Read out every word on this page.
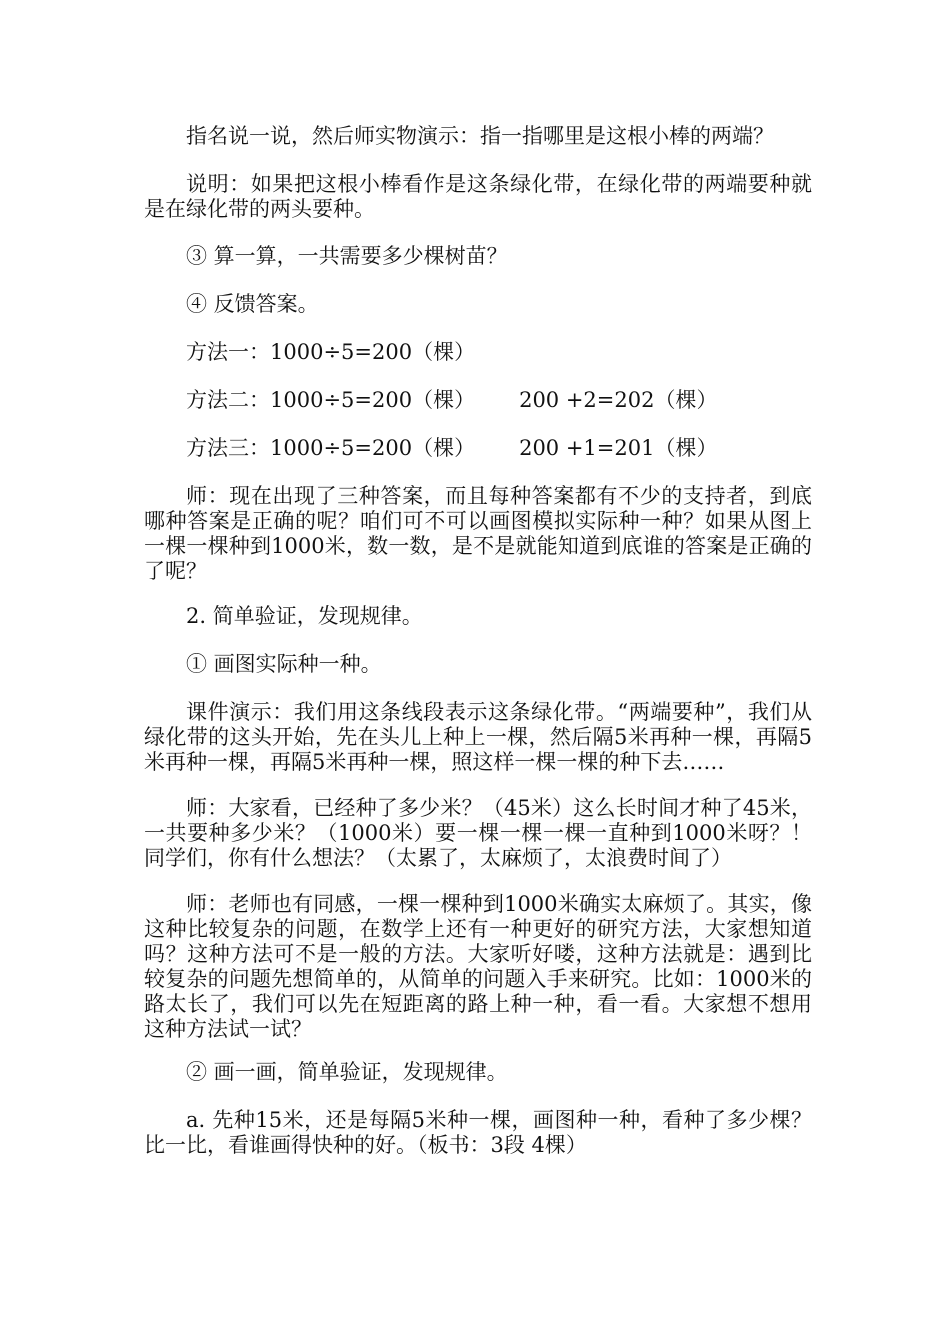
指名说一说，然后师实物演示：指一指哪里是这根小棒的两端？

说明：如果把这根小棒看作是这条绿化带，在绿化带的两端要种就是在绿化带的两头要种。

③ 算一算，一共需要多少棵树苗？

④ 反馈答案。

方法一：1000÷5=200（棵）

方法二：1000÷5=200（棵） 200 +2=202（棵）

方法三：1000÷5=200（棵） 200 +1=201（棵）

师：现在出现了三种答案，而且每种答案都有不少的支持者，到底哪种答案是正确的呢？咱们可不可以画图模拟实际种一种？如果从图上一棵一棵种到1000米，数一数，是不是就能知道到底谁的答案是正确的了呢？

2. 简单验证，发现规律。

① 画图实际种一种。

课件演示：我们用这条线段表示这条绿化带。“两端要种”，我们从绿化带的这头开始，先在头儿上种上一棵，然后隔5米再种一棵，再隔5米再种一棵，再隔5米再种一棵，照这样一棵一棵的种下去……

师：大家看，已经种了多少米？（45米）这么长时间才种了45米，一共要种多少米？（1000米）要一棵一棵一棵一直种到1000米呀？！同学们，你有什么想法？（太累了，太麻烦了，太浪费时间了）

师：老师也有同感，一棵一棵种到1000米确实太麻烦了。其实，像这种比较复杂的问题，在数学上还有一种更好的研究方法，大家想知道吗？这种方法可不是一般的方法。大家听好喽，这种方法就是：遇到比较复杂的问题先想简单的，从简单的问题入手来研究。比如：1000米的路太长了，我们可以先在短距离的路上种一种，看一看。大家想不想用这种方法试一试？

② 画一画，简单验证，发现规律。

a. 先种15米，还是每隔5米种一棵，画图种一种，看种了多少棵？比一比，看谁画得快种的好。（板书：3段 4棵）
